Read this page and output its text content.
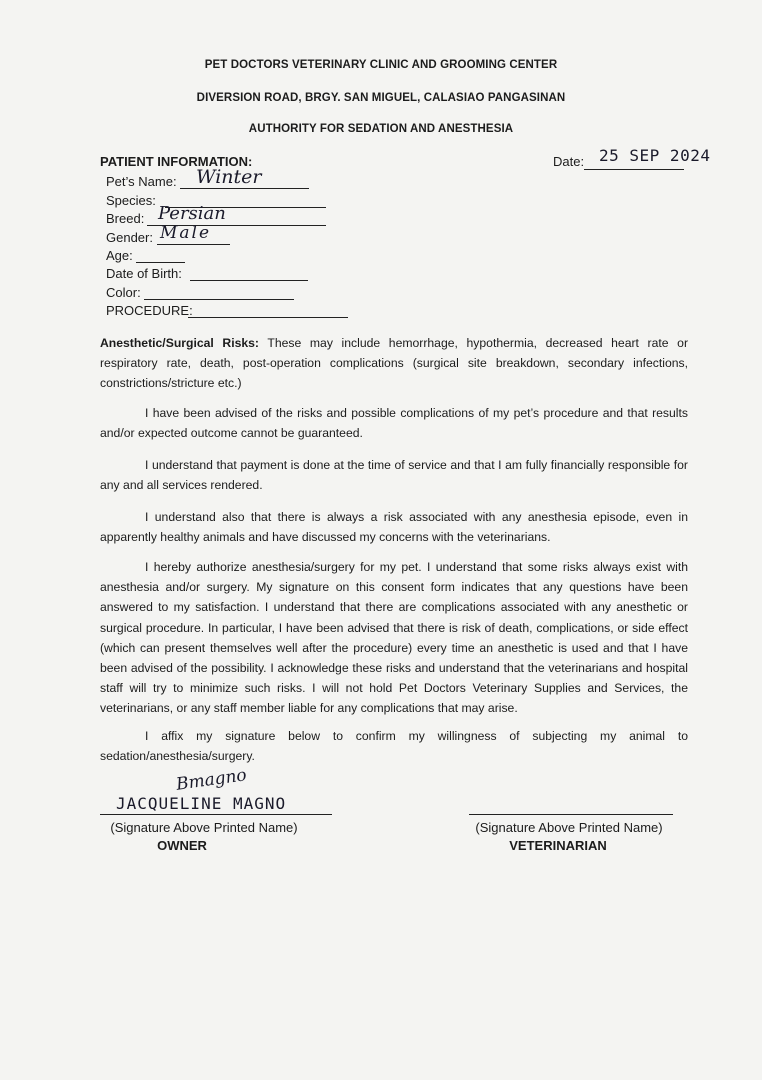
PET DOCTORS VETERINARY CLINIC AND GROOMING CENTER
DIVERSION ROAD, BRGY. SAN MIGUEL, CALASIAO PANGASINAN
AUTHORITY FOR SEDATION AND ANESTHESIA
PATIENT INFORMATION:	Date: 25 SEP 2024
Pet’s Name: Winter
Species:
Breed: Persian
Gender: Male
Age:
Date of Birth:
Color:
PROCEDURE:
Anesthetic/Surgical Risks: These may include hemorrhage, hypothermia, decreased heart rate or respiratory rate, death, post-operation complications (surgical site breakdown, secondary infections, constrictions/stricture etc.)
I have been advised of the risks and possible complications of my pet’s procedure and that results and/or expected outcome cannot be guaranteed.
I understand that payment is done at the time of service and that I am fully financially responsible for any and all services rendered.
I understand also that there is always a risk associated with any anesthesia episode, even in apparently healthy animals and have discussed my concerns with the veterinarians.
I hereby authorize anesthesia/surgery for my pet. I understand that some risks always exist with anesthesia and/or surgery. My signature on this consent form indicates that any questions have been answered to my satisfaction. I understand that there are complications associated with any anesthetic or surgical procedure. In particular, I have been advised that there is risk of death, complications, or side effect (which can present themselves well after the procedure) every time an anesthetic is used and that I have been advised of the possibility. I acknowledge these risks and understand that the veterinarians and hospital staff will try to minimize such risks. I will not hold Pet Doctors Veterinary Supplies and Services, the veterinarians, or any staff member liable for any complications that may arise.
I affix my signature below to confirm my willingness of subjecting my animal to sedation/anesthesia/surgery.
Bmagno
JACQUELINE MAGNO
(Signature Above Printed Name)
OWNER
(Signature Above Printed Name)
VETERINARIAN
